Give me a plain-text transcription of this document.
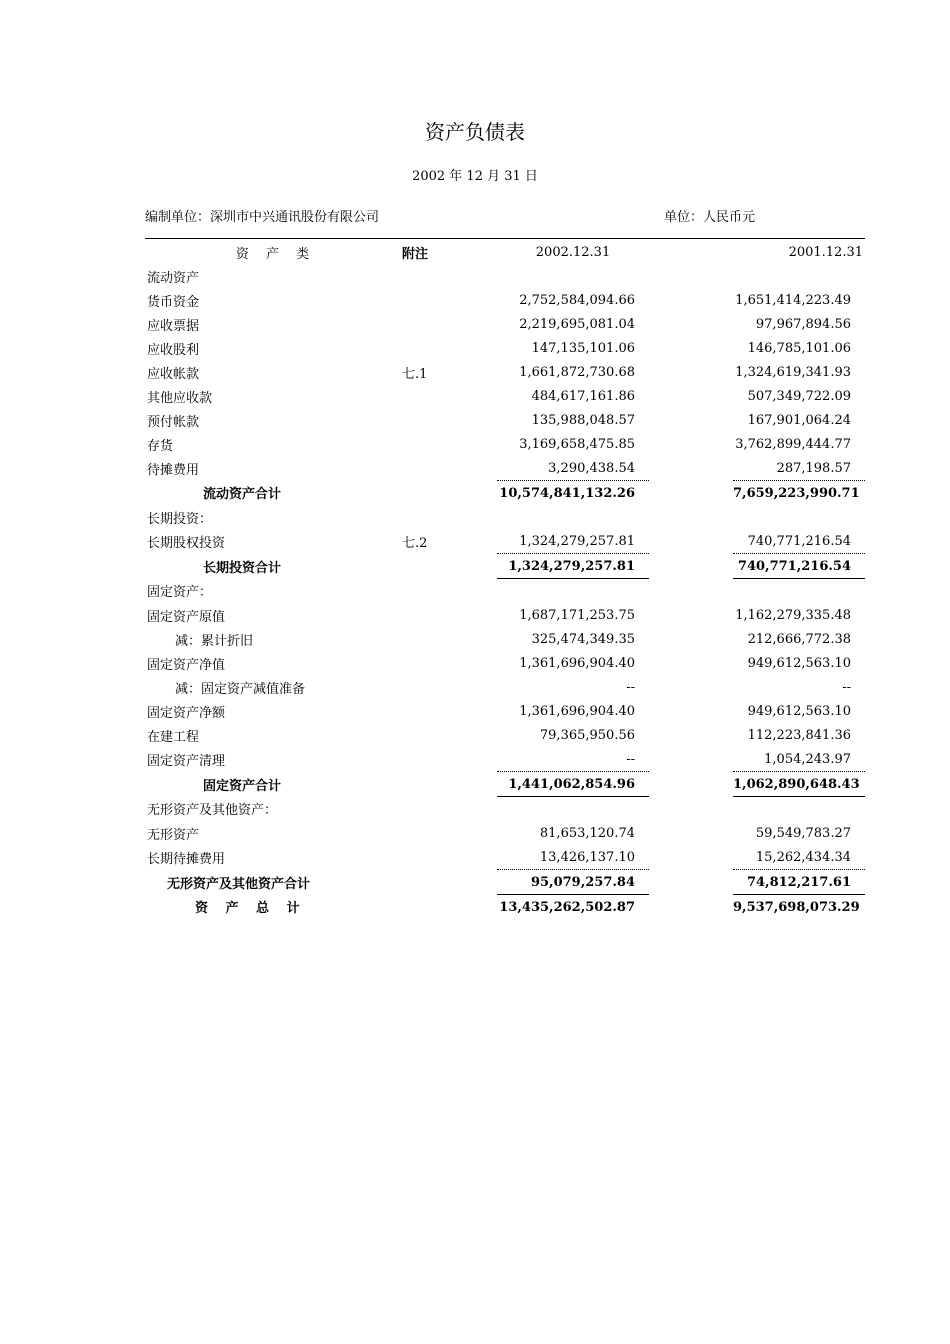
资产负债表
2002 年 12 月 31 日
编制单位：深圳市中兴通讯股份有限公司	单位：人民币元
资　 产　 类	附注	2002.12.31		2001.12.31
流动资产				
货币资金		2,752,584,094.66		1,651,414,223.49
应收票据		2,219,695,081.04		97,967,894.56
应收股利		147,135,101.06		146,785,101.06
应收帐款	七.1	1,661,872,730.68		1,324,619,341.93
其他应收款		484,617,161.86		507,349,722.09
预付帐款		135,988,048.57		167,901,064.24
存货		3,169,658,475.85		3,762,899,444.77
待摊费用		3,290,438.54		287,198.57
流动资产合计		10,574,841,132.26		7,659,223,990.71
长期投资：				
长期股权投资	七.2	1,324,279,257.81		740,771,216.54
长期投资合计		1,324,279,257.81		740,771,216.54
固定资产：				
固定资产原值		1,687,171,253.75		1,162,279,335.48
减：累计折旧		325,474,349.35		212,666,772.38
固定资产净值		1,361,696,904.40		949,612,563.10
减：固定资产减值准备		--		--
固定资产净额		1,361,696,904.40		949,612,563.10
在建工程		79,365,950.56		112,223,841.36
固定资产清理		--		1,054,243.97
固定资产合计		1,441,062,854.96		1,062,890,648.43
无形资产及其他资产：				
无形资产		81,653,120.74		59,549,783.27
长期待摊费用		13,426,137.10		15,262,434.34
无形资产及其他资产合计		95,079,257.84		74,812,217.61
资　 产　 总　 计		13,435,262,502.87		9,537,698,073.29
